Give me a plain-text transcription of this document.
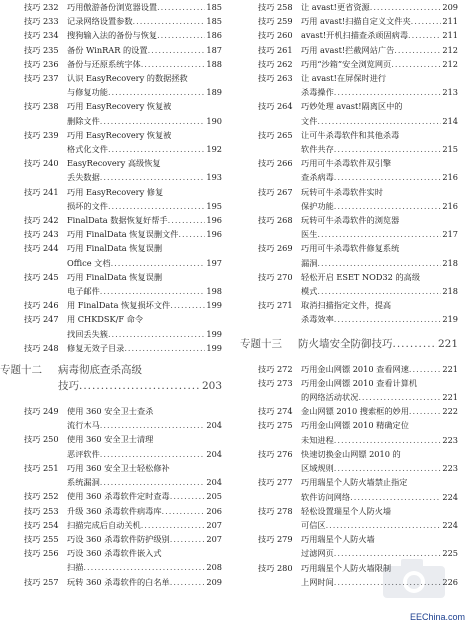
技巧 232	巧用傲游备份浏览器设置 .....	185
技巧 233	记录网络设置参数 .....	185
技巧 234	搜狗输入法的备份与恢复 .....	186
技巧 235	备份 WinRAR 的设置 .....	187
技巧 236	备份与还原系统字体 .....	188
技巧 237	认识 EasyRecovery 的数据拯救
与修复功能 .....	189
技巧 238	巧用 EasyRecovery 恢复被
删除文件 .....	190
技巧 239	巧用 EasyRecovery 恢复被
格式化文件 .....	192
技巧 240	EasyRecovery 高级恢复
丢失数据 .....	193
技巧 241	巧用 EasyRecovery 修复
损坏的文件 .....	195
技巧 242	FinalData 数据恢复好帮手 .....	196
技巧 243	巧用 FinalData 恢复误删文件 .....	196
技巧 244	巧用 FinalData 恢复误删
Office 文档 .....	197
技巧 245	巧用 FinalData 恢复误删
电子邮件 .....	198
技巧 246	用 FinalData 恢复损坏文件 .....	199
技巧 247	用 CHKDSK/F 命令
找回丢失簇 .....	199
技巧 248	修复无效子目录 .....	199
专题十二	病毒彻底查杀高级
技巧 .....	203
技巧 249	使用 360 安全卫士查杀
流行木马 .....	204
技巧 250	使用 360 安全卫士清理
恶评软件 .....	204
技巧 251	巧用 360 安全卫士轻松修补
系统漏洞 .....	204
技巧 252	使用 360 杀毒软件定时查毒 .....	205
技巧 253	升级 360 杀毒软件病毒库 .....	206
技巧 254	扫描完成后自动关机 .....	207
技巧 255	巧设 360 杀毒软件防护级别 .....	207
技巧 256	巧设 360 杀毒软件嵌入式
扫描 .....	208
技巧 257	玩转 360 杀毒软件的白名单 .....	209
技巧 258	让 avast!更省资源 .....	209
技巧 259	巧用 avast!扫描自定义文件夹 .....	211
技巧 260	avast!开机扫描查杀顽固病毒 .....	211
技巧 261	巧用 avast!拦截网站广告 .....	212
技巧 262	巧用“沙箱”安全浏览网页 .....	212
技巧 263	让 avast!在屏保时进行
杀毒操作 .....	213
技巧 264	巧妙处理 avast!隔离区中的
文件 .....	214
技巧 265	让可牛杀毒软件和其他杀毒
软件共存 .....	215
技巧 266	巧用可牛杀毒软件双引擎
查杀病毒 .....	216
技巧 267	玩转可牛杀毒软件实时
保护功能 .....	216
技巧 268	玩转可牛杀毒软件的浏览器
医生 .....	217
技巧 269	巧用可牛杀毒软件修复系统
漏洞 .....	218
技巧 270	轻松开启 ESET NOD32 的高级
模式 .....	218
技巧 271	取消扫描指定文件，提高
杀毒效率 .....	219
专题十三	防火墙安全防御技巧 .....	221
技巧 272	巧用金山网镖 2010 查看网速 .....	221
技巧 273	巧用金山网镖 2010 查看计算机
的网络活动状况 .....	221
技巧 274	金山网镖 2010 搜索框的妙用 .....	222
技巧 275	巧用金山网镖 2010 精确定位
未知进程 .....	223
技巧 276	快速切换金山网镖 2010 的
区域规则 .....	223
技巧 277	巧用瑞星个人防火墙禁止指定
软件访问网络 .....	224
技巧 278	轻松设置瑞星个人防火墙
可信区 .....	224
技巧 279	巧用瑞星个人防火墙
过滤网页 .....	225
技巧 280	巧用瑞星个人防火墙限制
上网时间 .....	226
EEChina.com
